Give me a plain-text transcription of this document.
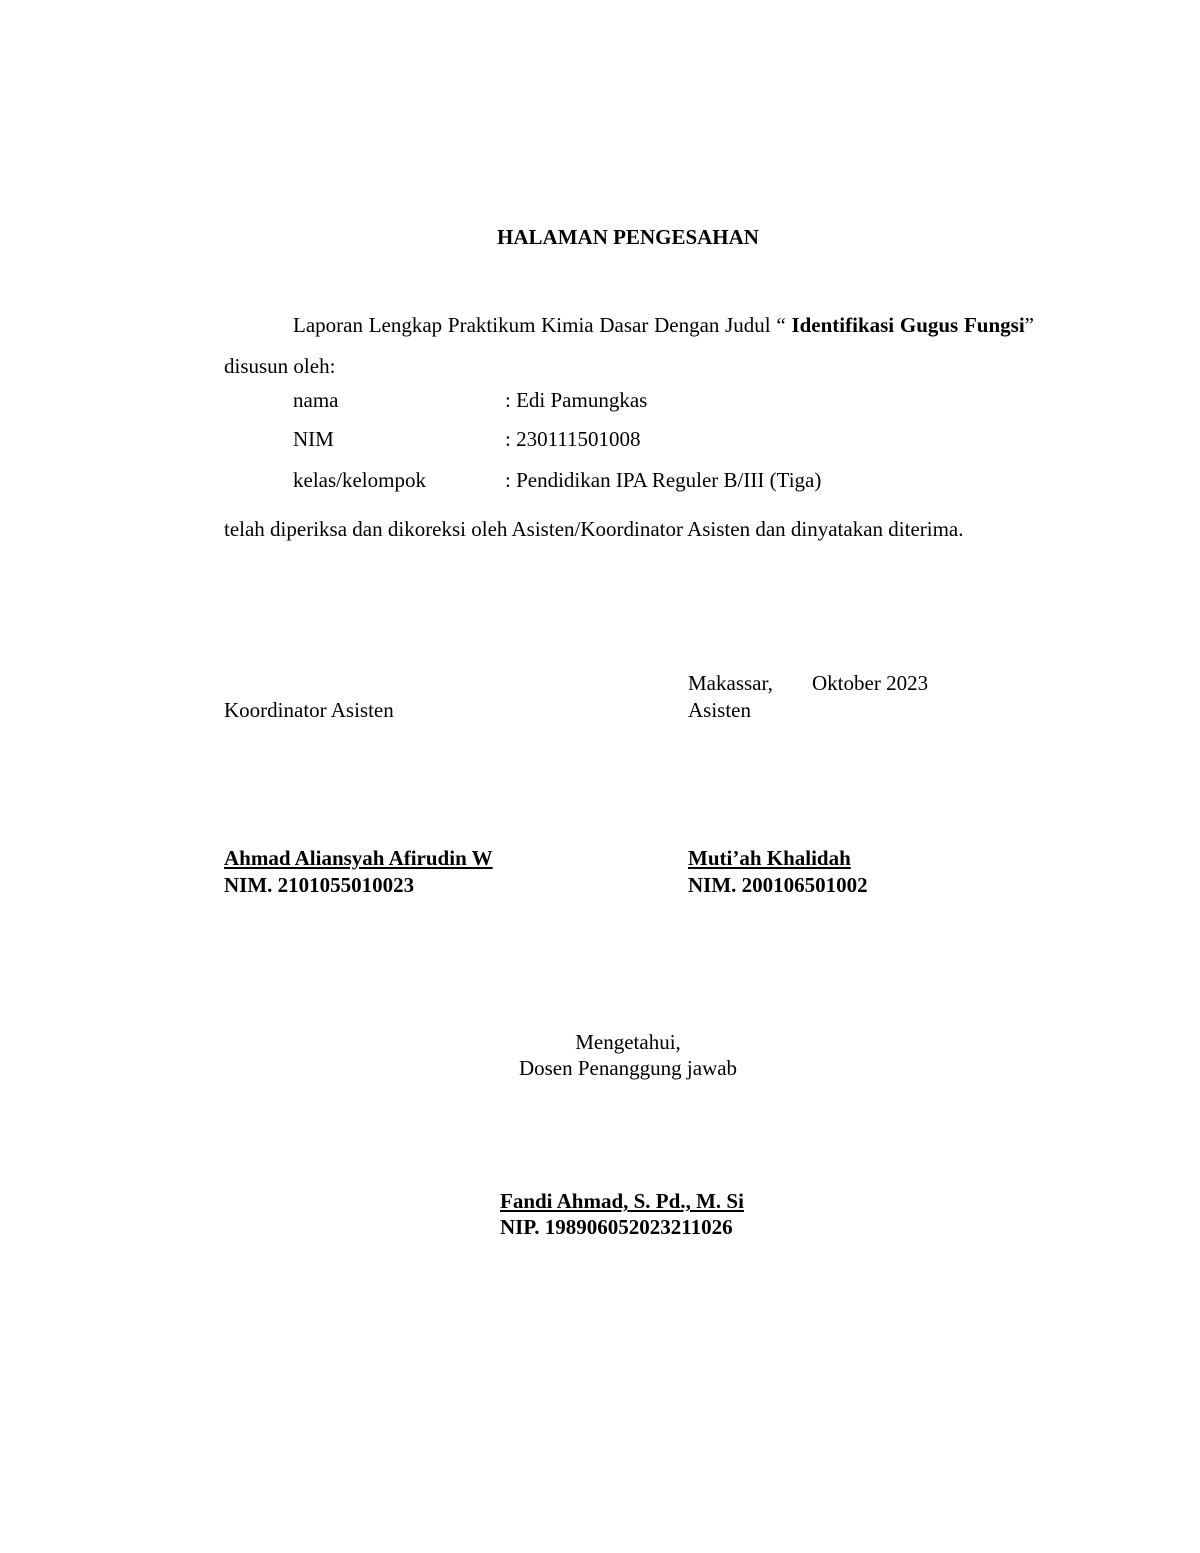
HALAMAN PENGESAHAN
Laporan Lengkap Praktikum Kimia Dasar Dengan Judul “ Identifikasi Gugus Fungsi” disusun oleh:
nama	: Edi Pamungkas
NIM	: 230111501008
kelas/kelompok	: Pendidikan IPA Reguler B/III (Tiga)
telah diperiksa dan dikoreksi oleh Asisten/Koordinator Asisten dan dinyatakan diterima.
Makassar, Oktober 2023
Koordinator Asisten	Asisten
Ahmad Aliansyah Afirudin W
NIM. 2101055010023
Muti’ah Khalidah
NIM. 200106501002
Mengetahui,
Dosen Penanggung jawab
Fandi Ahmad, S. Pd., M. Si
NIP. 198906052023211026
